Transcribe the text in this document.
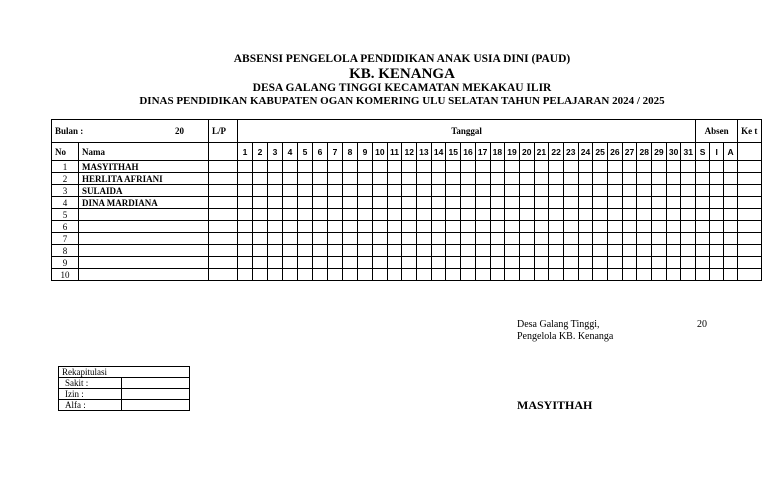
ABSENSI PENGELOLA PENDIDIKAN ANAK USIA DINI (PAUD)
KB. KENANGA
DESA GALANG TINGGI KECAMATAN MEKAKAU ILIR
DINAS PENDIDIKAN KABUPATEN OGAN KOMERING ULU SELATAN TAHUN PELAJARAN 2024 / 2025
Bulan : 20		L/P	Tanggal																															Absen			Ke t
No	Nama		1	2	3	4	5	6	7	8	9	10	11	12	13	14	15	16	17	18	19	20	21	22	23	24	25	26	27	28	29	30	31	S	I	A	
1	MASYITHAH																																				
2	HERLITA AFRIANI																																				
3	SULAIDA																																				
4	DINA MARDIANA																																				
5																																					
6																																					
7																																					
8																																					
9																																					
10																																					
Desa Galang Tinggi,
Pengelola KB. Kenanga
20
MASYITHAH
Rekapitulasi	
Sakit :	
Izin :	
Alfa :	
